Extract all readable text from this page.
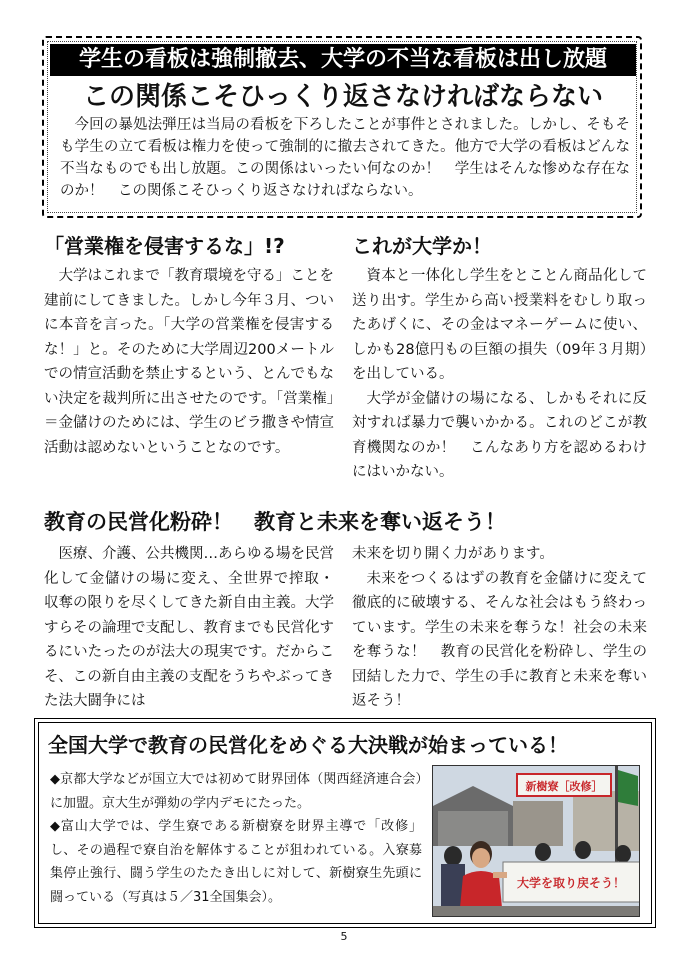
学生の看板は強制撤去、大学の不当な看板は出し放題
この関係こそひっくり返さなければならない
今回の暴処法弾圧は当局の看板を下ろしたことが事件とされました。しかし、そもそも学生の立て看板は権力を使って強制的に撤去されてきた。他方で大学の看板はどんな不当なものでも出し放題。この関係はいったい何なのか！　学生はそんな惨めな存在なのか！　この関係こそひっくり返さなければならない。
「営業権を侵害するな」!?	これが大学か！

大学はこれまで「教育環境を守る」ことを建前にしてきました。しかし今年３月、ついに本音を言った。「大学の営業権を侵害するな！」と。そのために大学周辺200メートルでの情宣活動を禁止するという、とんでもない決定を裁判所に出させたのです。「営業権」＝金儲けのためには、学生のビラ撒きや情宣活動は認めないということなのです。

資本と一体化し学生をとことん商品化して送り出す。学生から高い授業料をむしり取ったあげくに、その金はマネーゲームに使い、しかも28億円もの巨額の損失（09年３月期）を出している。

大学が金儲けの場になる、しかもそれに反対すれば暴力で襲いかかる。これのどこが教育機関なのか！　こんなあり方を認めるわけにはいかない。

教育の民営化粉砕！　教育と未来を奪い返そう！

医療、介護、公共機関…あらゆる場を民営化して金儲けの場に変え、全世界で搾取・収奪の限りを尽くしてきた新自由主義。大学すらその論理で支配し、教育までも民営化するにいたったのが法大の現実です。だからこそ、この新自由主義の支配をうちやぶってきた法大闘争には

未来を切り開く力があります。

未来をつくるはずの教育を金儲けに変えて徹底的に破壊する、そんな社会はもう終わっています。学生の未来を奪うな！社会の未来を奪うな！　教育の民営化を粉砕し、学生の団結した力で、学生の手に教育と未来を奪い返そう！

全国大学で教育の民営化をめぐる大決戦が始まっている！
◆京都大学などが国立大では初めて財界団体（関西経済連合会）に加盟。京大生が弾劾の学内デモにたった。
◆富山大学では、学生寮である新樹寮を財界主導で「改修」し、その過程で寮自治を解体することが狙われている。入寮募集停止強行、闘う学生のたたき出しに対して、新樹寮生先頭に闘っている（写真は５／31全国集会）。
新樹寮［改修］
大学を取り戻そう！
5
